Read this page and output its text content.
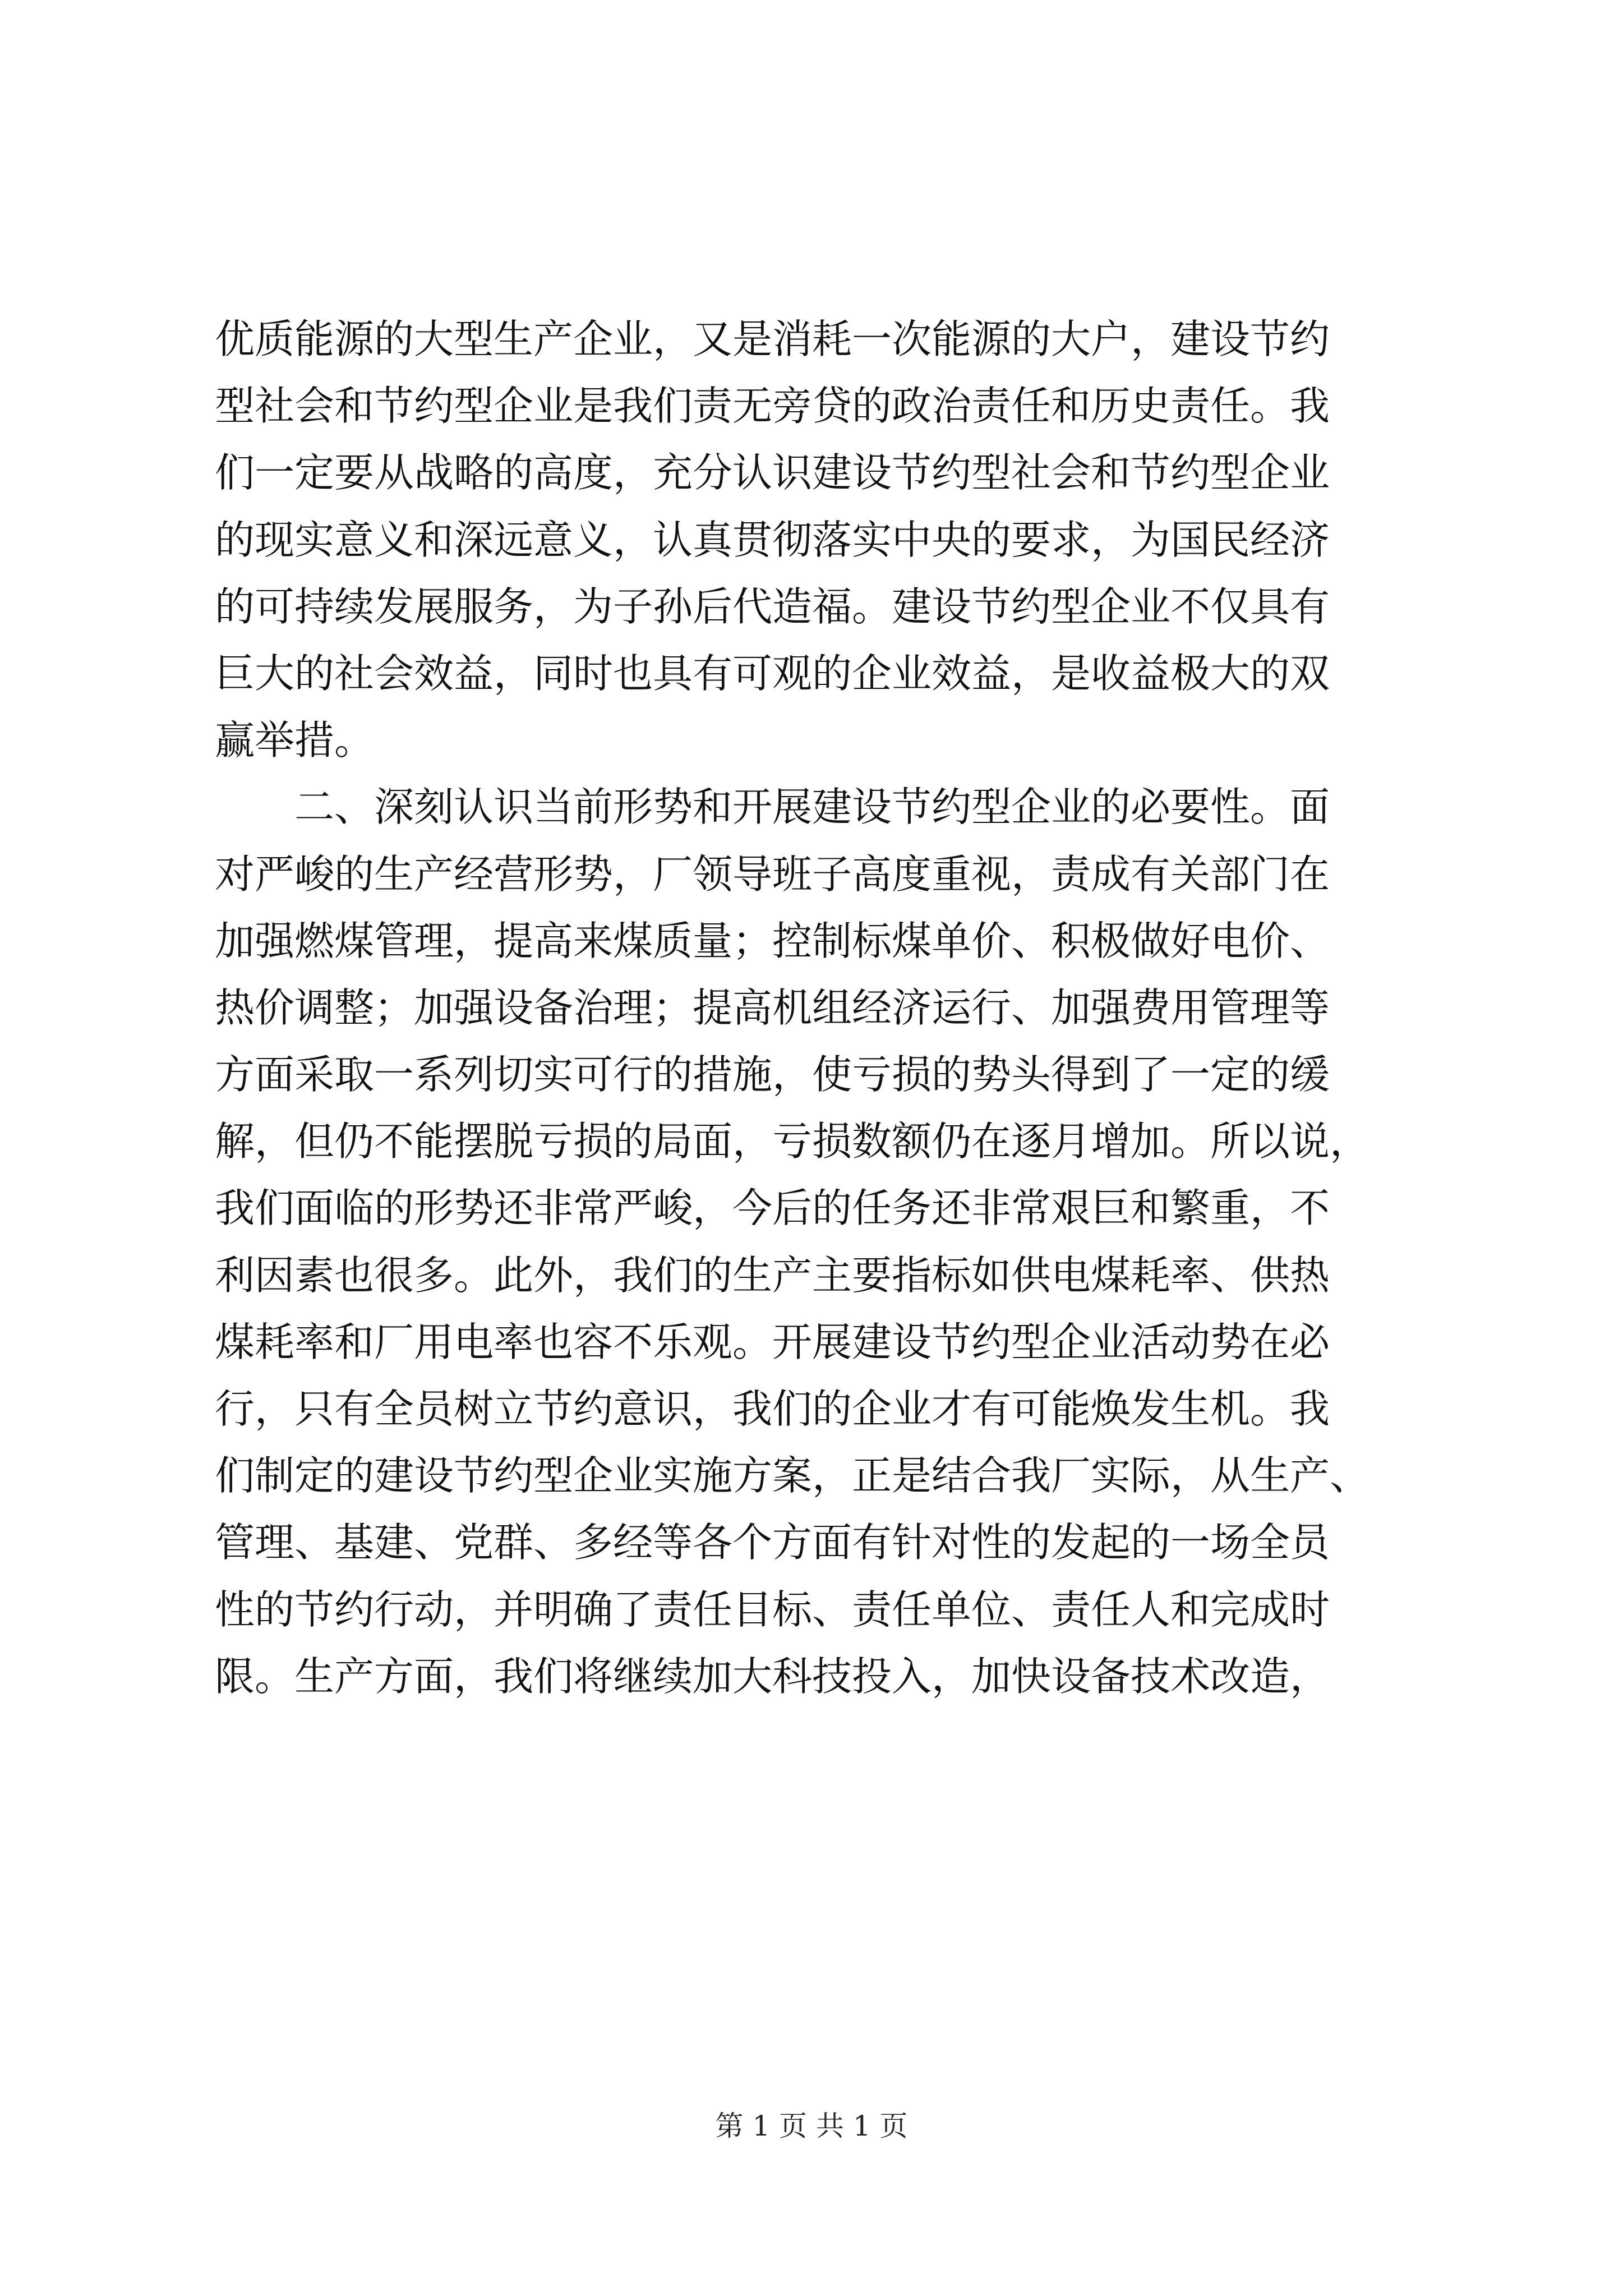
优质能源的大型生产企业，又是消耗一次能源的大户，建设节约
型社会和节约型企业是我们责无旁贷的政治责任和历史责任。我
们一定要从战略的高度，充分认识建设节约型社会和节约型企业
的现实意义和深远意义，认真贯彻落实中央的要求，为国民经济
的可持续发展服务，为子孙后代造福。建设节约型企业不仅具有
巨大的社会效益，同时也具有可观的企业效益，是收益极大的双
赢举措。
　　二、深刻认识当前形势和开展建设节约型企业的必要性。面
对严峻的生产经营形势，厂领导班子高度重视，责成有关部门在
加强燃煤管理，提高来煤质量；控制标煤单价、积极做好电价、
热价调整；加强设备治理；提高机组经济运行、加强费用管理等
方面采取一系列切实可行的措施，使亏损的势头得到了一定的缓
解，但仍不能摆脱亏损的局面，亏损数额仍在逐月增加。所以说，
我们面临的形势还非常严峻，今后的任务还非常艰巨和繁重，不
利因素也很多。此外，我们的生产主要指标如供电煤耗率、供热
煤耗率和厂用电率也容不乐观。开展建设节约型企业活动势在必
行，只有全员树立节约意识，我们的企业才有可能焕发生机。我
们制定的建设节约型企业实施方案，正是结合我厂实际，从生产、
管理、基建、党群、多经等各个方面有针对性的发起的一场全员
性的节约行动，并明确了责任目标、责任单位、责任人和完成时
限。生产方面，我们将继续加大科技投入，加快设备技术改造，
第 1 页 共 1 页
